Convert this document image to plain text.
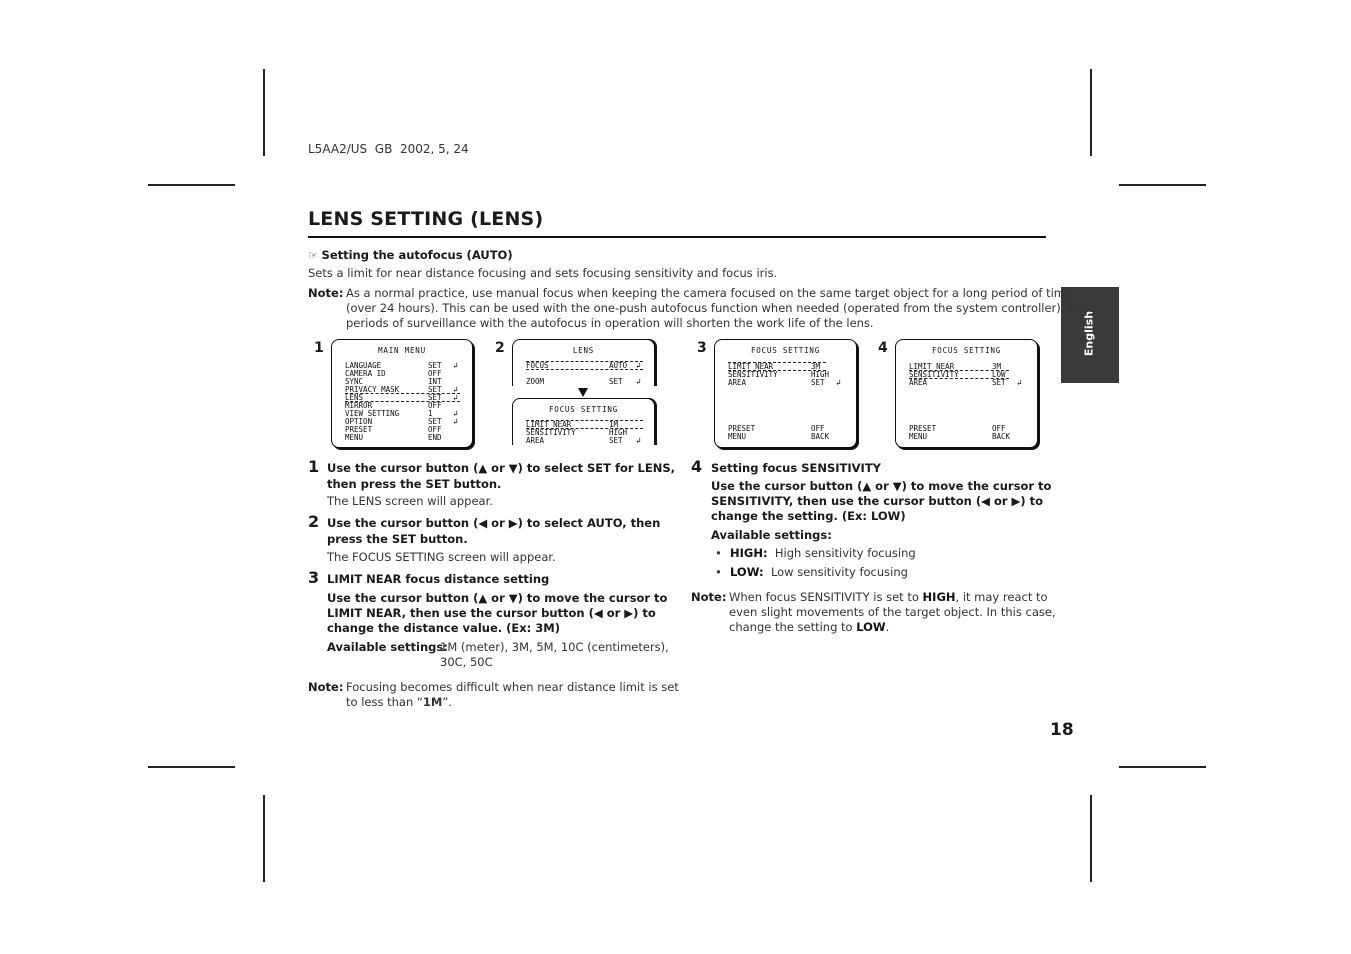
L5AA2/US  GB  2002, 5, 24
LENS SETTING (LENS)
English
☞ Setting the autofocus (AUTO)
Sets a limit for near distance focusing and sets focusing sensitivity and focus iris.
Note: As a normal practice, use manual focus when keeping the camera focused on the same target object for a long period of time
(over 24 hours). This can be used with the one-push autofocus function when needed (operated from the system controller). Long
periods of surveillance with the autofocus in operation will shorten the work life of the lens.
1	MAIN MENU
LANGUAGE	SET ↲
CAMERA ID	OFF
SYNC	INT
PRIVACY MASK	SET ↲
LENS	SET ↲
MIRROR	OFF
VIEW SETTING	1	↲
OPTION	SET ↲
PRESET	OFF
MENU	END
2	LENS
FOCUS	AUTO ↲
ZOOM	SET ↲
FOCUS SETTING
LIMIT NEAR	1M
SENSITIVITY	HIGH
AREA	SET ↲
3	FOCUS SETTING
LIMIT NEAR	3M
SENSITIVITY	HIGH
AREA	SET ↲
PRESET	OFF
MENU	BACK
4	FOCUS SETTING
LIMIT NEAR	3M
SENSITIVITY	LOW
AREA	SET ↲
PRESET	OFF
MENU	BACK
1 Use the cursor button (▲ or ▼) to select SET for LENS,
then press the SET button.
The LENS screen will appear.
2 Use the cursor button (◀ or ▶) to select AUTO, then
press the SET button.
The FOCUS SETTING screen will appear.
3 LIMIT NEAR focus distance setting
Use the cursor button (▲ or ▼) to move the cursor to
LIMIT NEAR, then use the cursor button (◀ or ▶) to
change the distance value. (Ex: 3M)
Available settings:
1M (meter), 3M, 5M, 10C (centimeters),
30C, 50C
Note: Focusing becomes difficult when near distance limit is set
to less than “1M”.
4 Setting focus SENSITIVITY
Use the cursor button (▲ or ▼) to move the cursor to
SENSITIVITY, then use the cursor button (◀ or ▶) to
change the setting. (Ex: LOW)
Available settings:
• HIGH: High sensitivity focusing
• LOW: Low sensitivity focusing
Note: When focus SENSITIVITY is set to HIGH, it may react to
even slight movements of the target object. In this case,
change the setting to LOW.
18
